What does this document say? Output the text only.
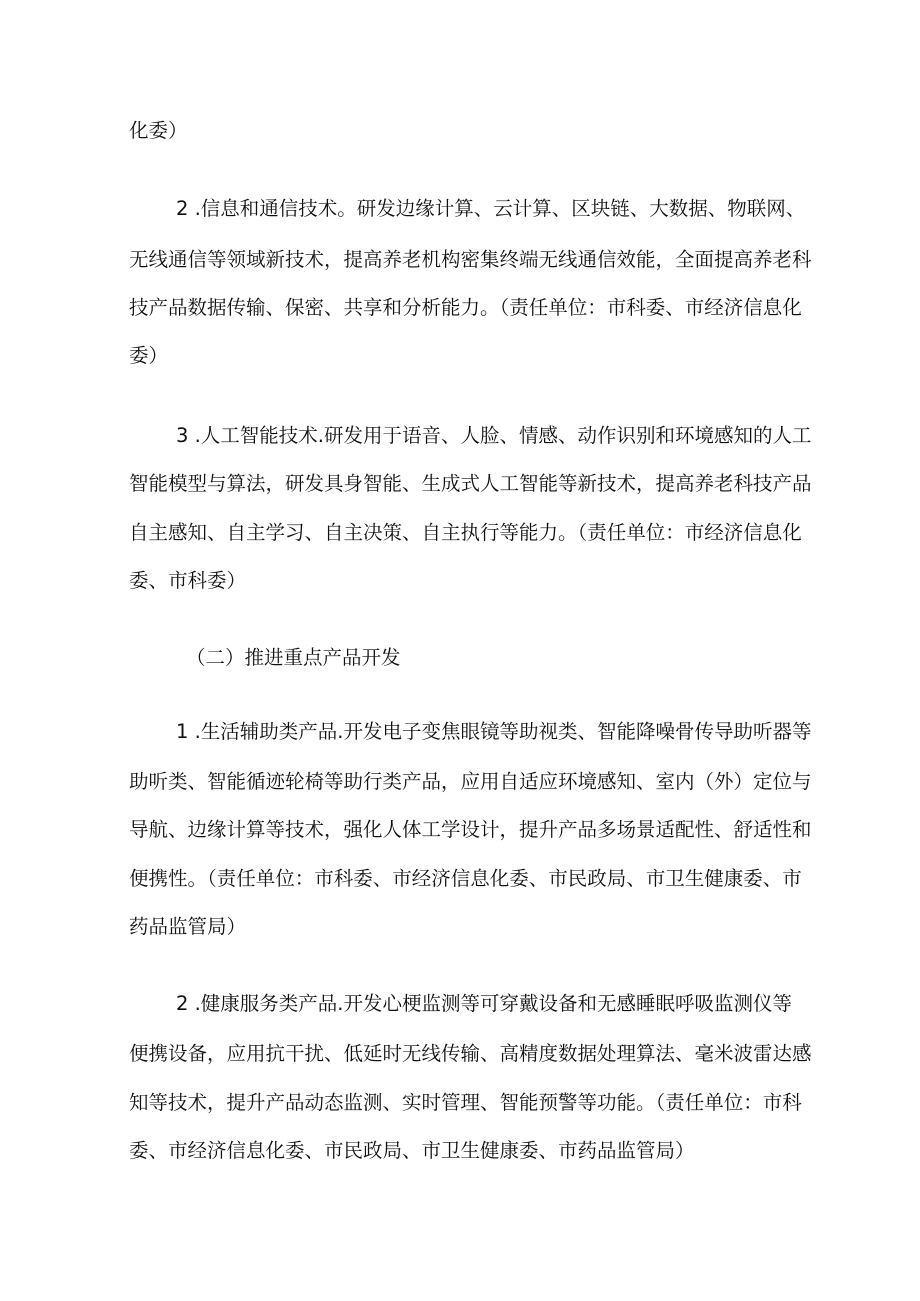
化委）
2 .信息和通信技术。研发边缘计算、云计算、区块链、大数据、物联网、
无线通信等领域新技术，提高养老机构密集终端无线通信效能，全面提高养老科
技产品数据传输、保密、共享和分析能力。（责任单位：市科委、市经济信息化
委）
3 .人工智能技术.研发用于语音、人脸、情感、动作识别和环境感知的人工
智能模型与算法，研发具身智能、生成式人工智能等新技术，提高养老科技产品
自主感知、自主学习、自主决策、自主执行等能力。（责任单位：市经济信息化
委、市科委）
（二）推进重点产品开发
1 .生活辅助类产品.开发电子变焦眼镜等助视类、智能降噪骨传导助听器等
助听类、智能循迹轮椅等助行类产品，应用自适应环境感知、室内（外）定位与
导航、边缘计算等技术，强化人体工学设计，提升产品多场景适配性、舒适性和
便携性。（责任单位：市科委、市经济信息化委、市民政局、市卫生健康委、市
药品监管局）
2 .健康服务类产品.开发心梗监测等可穿戴设备和无感睡眠呼吸监测仪等
便携设备，应用抗干扰、低延时无线传输、高精度数据处理算法、毫米波雷达感
知等技术，提升产品动态监测、实时管理、智能预警等功能。（责任单位：市科
委、市经济信息化委、市民政局、市卫生健康委、市药品监管局）
